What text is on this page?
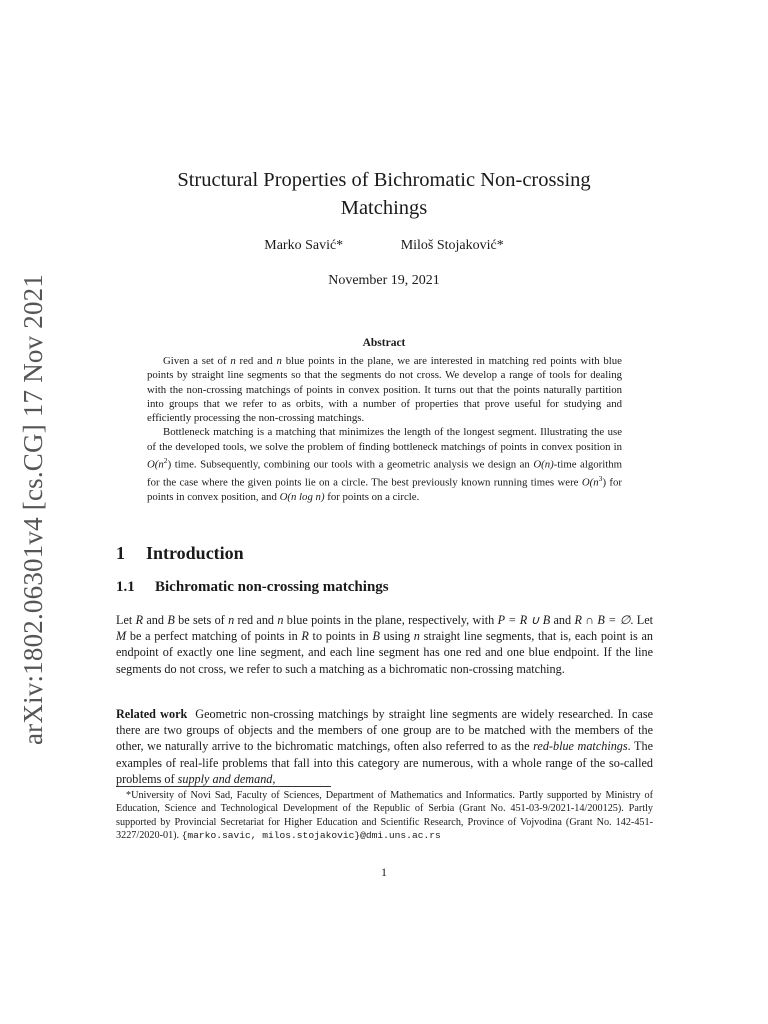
arXiv:1802.06301v4 [cs.CG] 17 Nov 2021
Structural Properties of Bichromatic Non-crossing Matchings
Marko Savić*	Miloš Stojaković*
November 19, 2021
Abstract

Given a set of n red and n blue points in the plane, we are interested in matching red points with blue points by straight line segments so that the segments do not cross. We develop a range of tools for dealing with the non-crossing matchings of points in convex position. It turns out that the points naturally partition into groups that we refer to as orbits, with a number of properties that prove useful for studying and efficiently processing the non-crossing matchings.

Bottleneck matching is a matching that minimizes the length of the longest segment. Illustrating the use of the developed tools, we solve the problem of finding bottleneck matchings of points in convex position in $O(n^2)$ time. Subsequently, combining our tools with a geometric analysis we design an O(n)-time algorithm for the case where the given points lie on a circle. The best previously known running times were $O(n^3)$ for points in convex position, and O(n log n) for points on a circle.

1 Introduction
1.1 Bichromatic non-crossing matchings
Let R and B be sets of n red and n blue points in the plane, respectively, with P = R ∪ B and R ∩ B = ∅. Let M be a perfect matching of points in R to points in B using n straight line segments, that is, each point is an endpoint of exactly one line segment, and each line segment has one red and one blue endpoint. If the line segments do not cross, we refer to such a matching as a bichromatic non-crossing matching.
Related work Geometric non-crossing matchings by straight line segments are widely researched. In case there are two groups of objects and the members of one group are to be matched with the members of the other, we naturally arrive to the bichromatic matchings, often also referred to as the red-blue matchings. The examples of real-life problems that fall into this category are numerous, with a whole range of the so-called problems of supply and demand,

*University of Novi Sad, Faculty of Sciences, Department of Mathematics and Informatics. Partly supported by Ministry of Education, Science and Technological Development of the Republic of Serbia (Grant No. 451-03-9/2021-14/200125). Partly supported by Provincial Secretariat for Higher Education and Scientific Research, Province of Vojvodina (Grant No. 142-451-3227/2020-01). {marko.savic, milos.stojakovic}@dmi.uns.ac.rs

1
